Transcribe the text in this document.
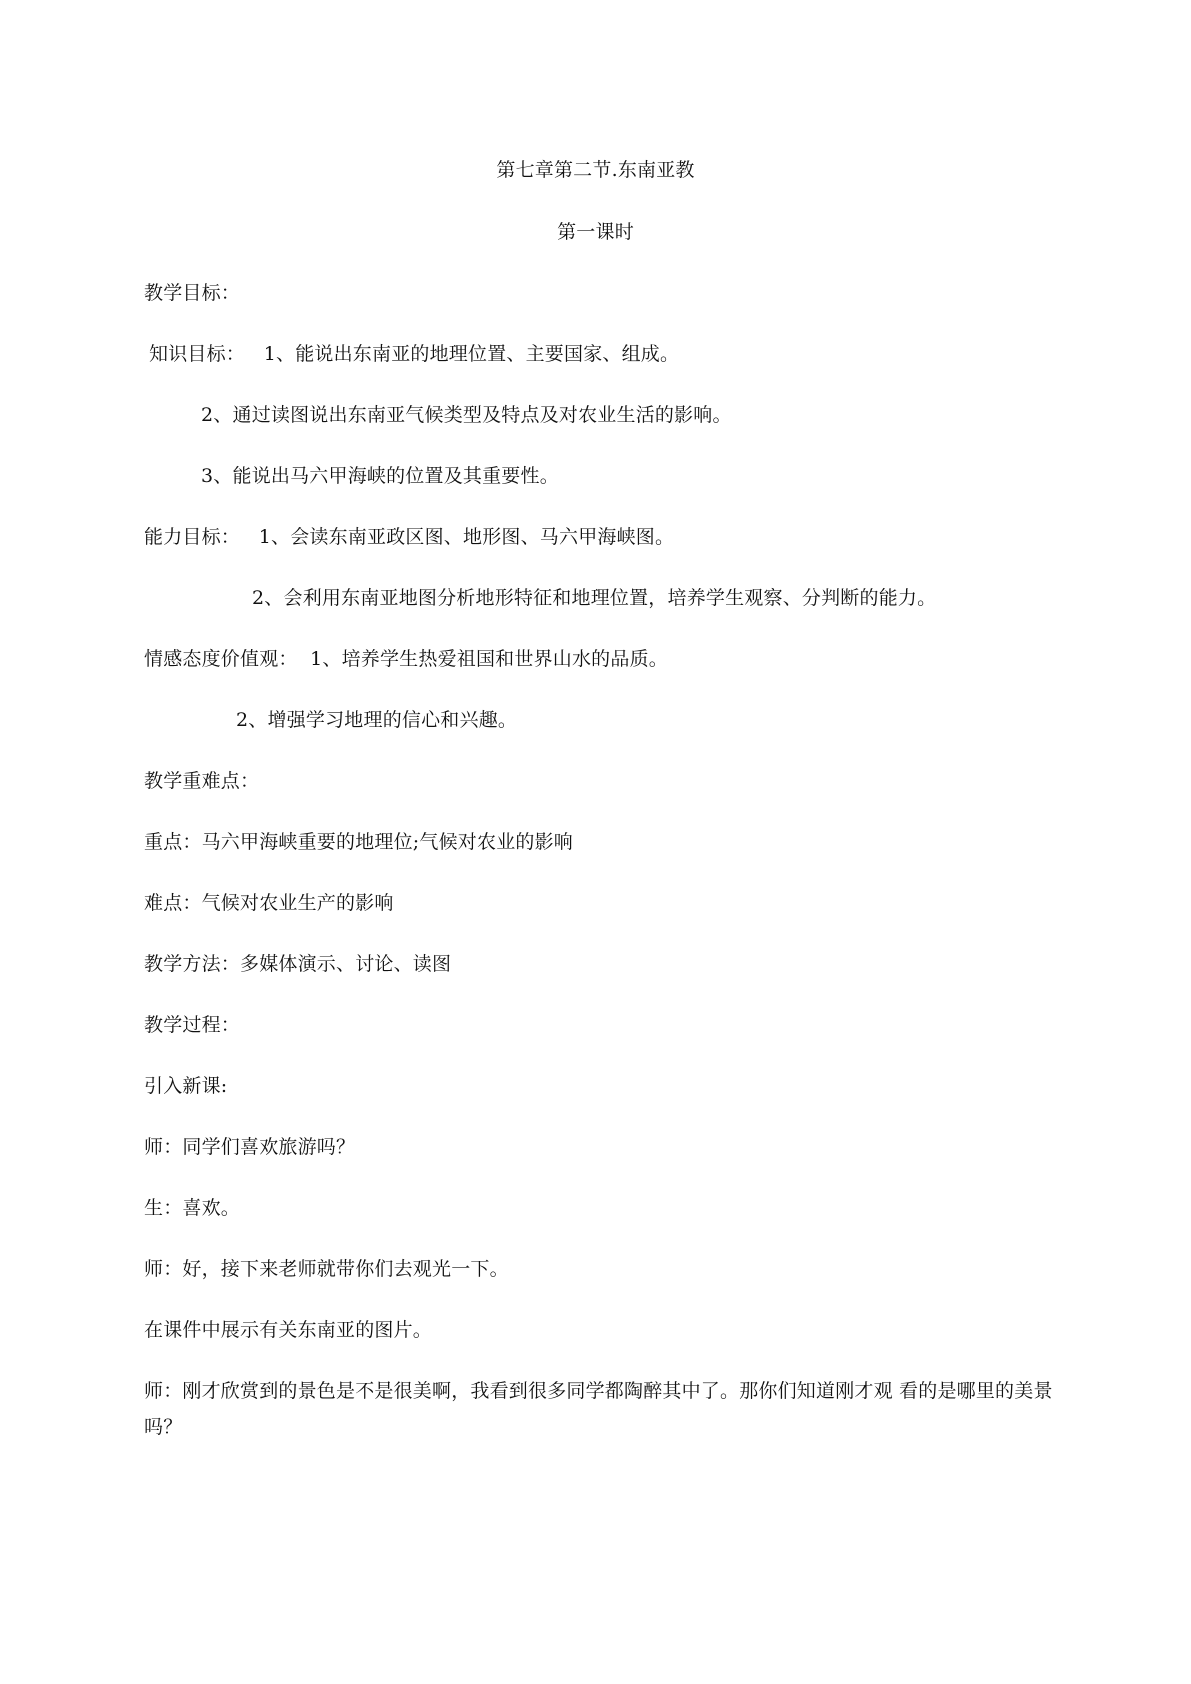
第七章第二节.东南亚教
第一课时
教学目标：
知识目标：   1、能说出东南亚的地理位置、主要国家、组成。
2、通过读图说出东南亚气候类型及特点及对农业生活的影响。
3、能说出马六甲海峡的位置及其重要性。
能力目标：   1、会读东南亚政区图、地形图、马六甲海峡图。
2、会利用东南亚地图分析地形特征和地理位置，培养学生观察、分判断的能力。
情感态度价值观：  1、培养学生热爱祖国和世界山水的品质。
2、增强学习地理的信心和兴趣。
教学重难点：
重点：马六甲海峡重要的地理位;气候对农业的影响
难点：气候对农业生产的影响
教学方法：多媒体演示、讨论、读图
教学过程：
引入新课:
师：同学们喜欢旅游吗？
生：喜欢。
师：好，接下来老师就带你们去观光一下。
在课件中展示有关东南亚的图片。
师：刚才欣赏到的景色是不是很美啊，我看到很多同学都陶醉其中了。那你们知道刚才观 看的是哪里的美景吗？
